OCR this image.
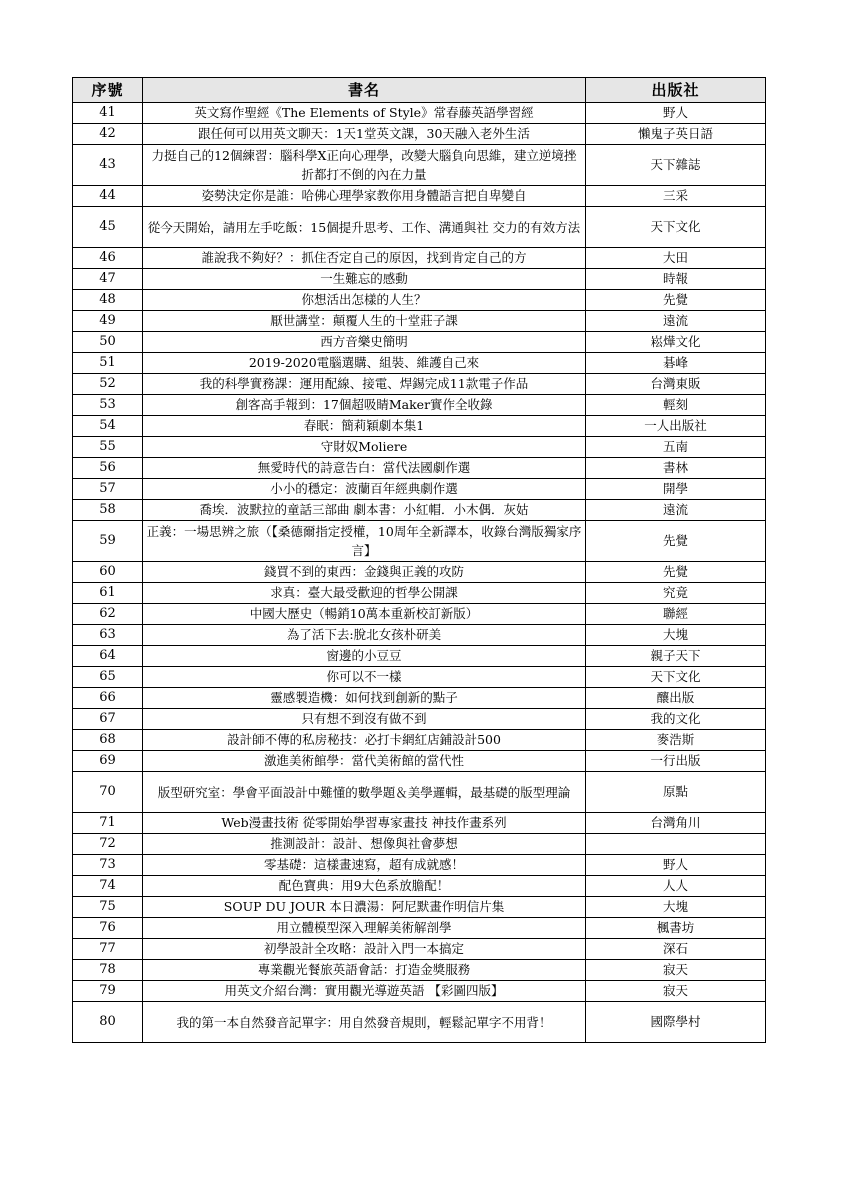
序號	書名	出版社
41	英文寫作聖經《The Elements of Style》常春藤英語學習經	野人
42	跟任何可以用英文聊天：1天1堂英文課，30天融入老外生活	懶鬼子英日語
43	力挺自己的12個練習：腦科學X正向心理學，改變大腦負向思維，建立逆境挫折都打不倒的內在力量	天下雜誌
44	姿勢決定你是誰：哈佛心理學家教你用身體語言把自卑變自	三采
45	從今天開始，請用左手吃飯：15個提升思考、工作、溝通與社 交力的有效方法	天下文化
46	誰說我不夠好？：抓住否定自己的原因，找到肯定自己的方	大田
47	一生難忘的感動	時報
48	你想活出怎樣的人生？	先覺
49	厭世講堂：顛覆人生的十堂莊子課	遠流
50	西方音樂史簡明	崧燁文化
51	2019-2020電腦選購、組裝、維護自己來	碁峰
52	我的科學實務課：運用配線、接電、焊錫完成11款電子作品	台灣東販
53	創客高手報到：17個超吸睛Maker實作全收錄	輕刻
54	春眠：簡莉穎劇本集1	一人出版社
55	守財奴Moliere	五南
56	無愛時代的詩意告白：當代法國劇作選	書林
57	小小的穩定：波蘭百年經典劇作選	開學
58	喬埃．波默拉的童話三部曲 劇本書：小紅帽．小木偶．灰姑	遠流
59	正義：一場思辨之旅（【桑德爾指定授權，10周年全新譯本，收錄台灣版獨家序言】	先覺
60	錢買不到的東西：金錢與正義的攻防	先覺
61	求真：臺大最受歡迎的哲學公開課	究竟
62	中國大歷史（暢銷10萬本重新校訂新版）	聯經
63	為了活下去:脫北女孩朴研美	大塊
64	窗邊的小豆豆	親子天下
65	你可以不一樣	天下文化
66	靈感製造機：如何找到創新的點子	釀出版
67	只有想不到沒有做不到	我的文化
68	設計師不傳的私房秘技：必打卡網紅店鋪設計500	麥浩斯
69	激進美術館學：當代美術館的當代性	一行出版
70	版型研究室：學會平面設計中難懂的數學題＆美學邏輯，最基礎的版型理論	原點
71	Web漫畫技術 從零開始學習專家畫技 神技作畫系列	台灣角川
72	推測設計：設計、想像與社會夢想	
73	零基礎：這樣畫速寫，超有成就感！	野人
74	配色寶典：用9大色系放膽配！	人人
75	SOUP DU JOUR 本日濃湯：阿尼默畫作明信片集	大塊
76	用立體模型深入理解美術解剖學	楓書坊
77	初學設計全攻略：設計入門一本搞定	深石
78	專業觀光餐旅英語會話：打造金獎服務	寂天
79	用英文介紹台灣：實用觀光導遊英語 【彩圖四版】	寂天
80	我的第一本自然發音記單字：用自然發音規則，輕鬆記單字不用背！	國際學村
